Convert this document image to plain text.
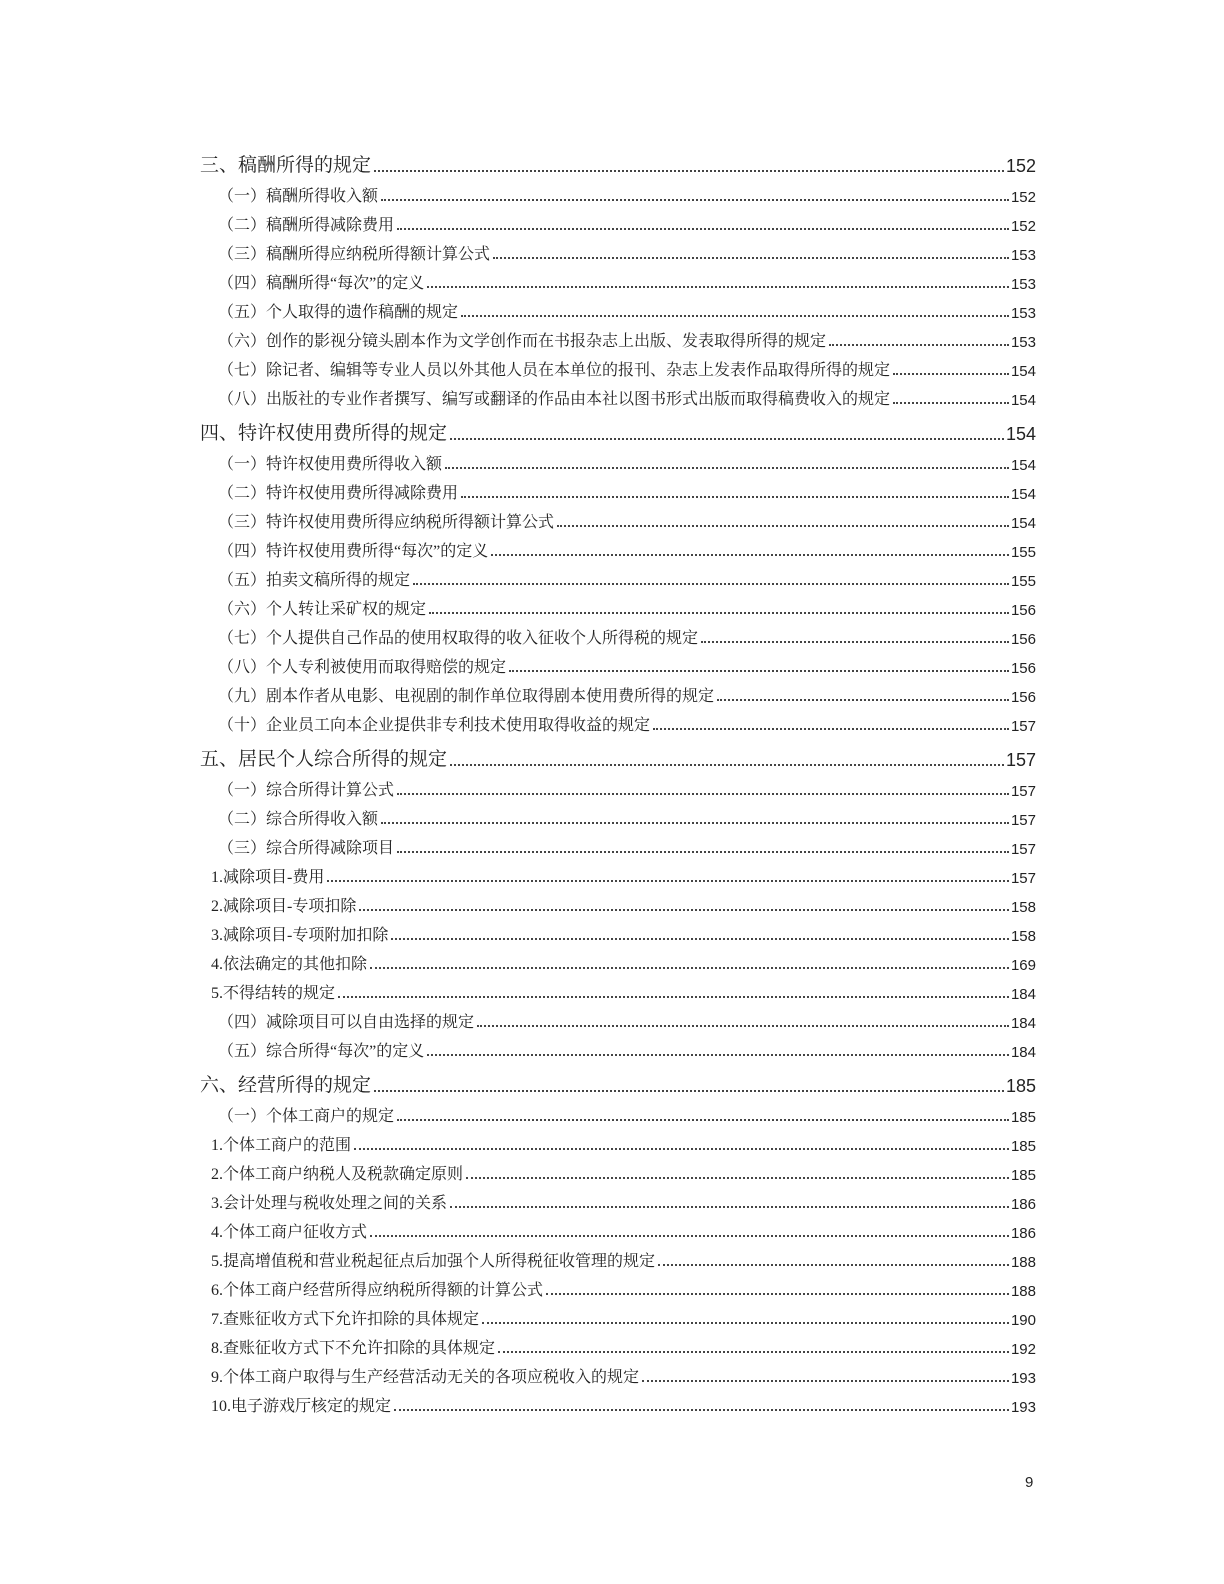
三、稿酬所得的规定	152
（一）稿酬所得收入额	152
（二）稿酬所得减除费用	152
（三）稿酬所得应纳税所得额计算公式	153
（四）稿酬所得“每次”的定义	153
（五）个人取得的遗作稿酬的规定	153
（六）创作的影视分镜头剧本作为文学创作而在书报杂志上出版、发表取得所得的规定	153
（七）除记者、编辑等专业人员以外其他人员在本单位的报刊、杂志上发表作品取得所得的规定	154
（八）出版社的专业作者撰写、编写或翻译的作品由本社以图书形式出版而取得稿费收入的规定	154
四、特许权使用费所得的规定	154
（一）特许权使用费所得收入额	154
（二）特许权使用费所得减除费用	154
（三）特许权使用费所得应纳税所得额计算公式	154
（四）特许权使用费所得“每次”的定义	155
（五）拍卖文稿所得的规定	155
（六）个人转让采矿权的规定	156
（七）个人提供自己作品的使用权取得的收入征收个人所得税的规定	156
（八）个人专利被使用而取得赔偿的规定	156
（九）剧本作者从电影、电视剧的制作单位取得剧本使用费所得的规定	156
（十）企业员工向本企业提供非专利技术使用取得收益的规定	157
五、居民个人综合所得的规定	157
（一）综合所得计算公式	157
（二）综合所得收入额	157
（三）综合所得减除项目	157
1.减除项目-费用	157
2.减除项目-专项扣除	158
3.减除项目-专项附加扣除	158
4.依法确定的其他扣除	169
5.不得结转的规定	184
（四）减除项目可以自由选择的规定	184
（五）综合所得“每次”的定义	184
六、经营所得的规定	185
（一）个体工商户的规定	185
1.个体工商户的范围	185
2.个体工商户纳税人及税款确定原则	185
3.会计处理与税收处理之间的关系	186
4.个体工商户征收方式	186
5.提高增值税和营业税起征点后加强个人所得税征收管理的规定	188
6.个体工商户经营所得应纳税所得额的计算公式	188
7.查账征收方式下允许扣除的具体规定	190
8.查账征收方式下不允许扣除的具体规定	192
9.个体工商户取得与生产经营活动无关的各项应税收入的规定	193
10.电子游戏厅核定的规定	193
9
